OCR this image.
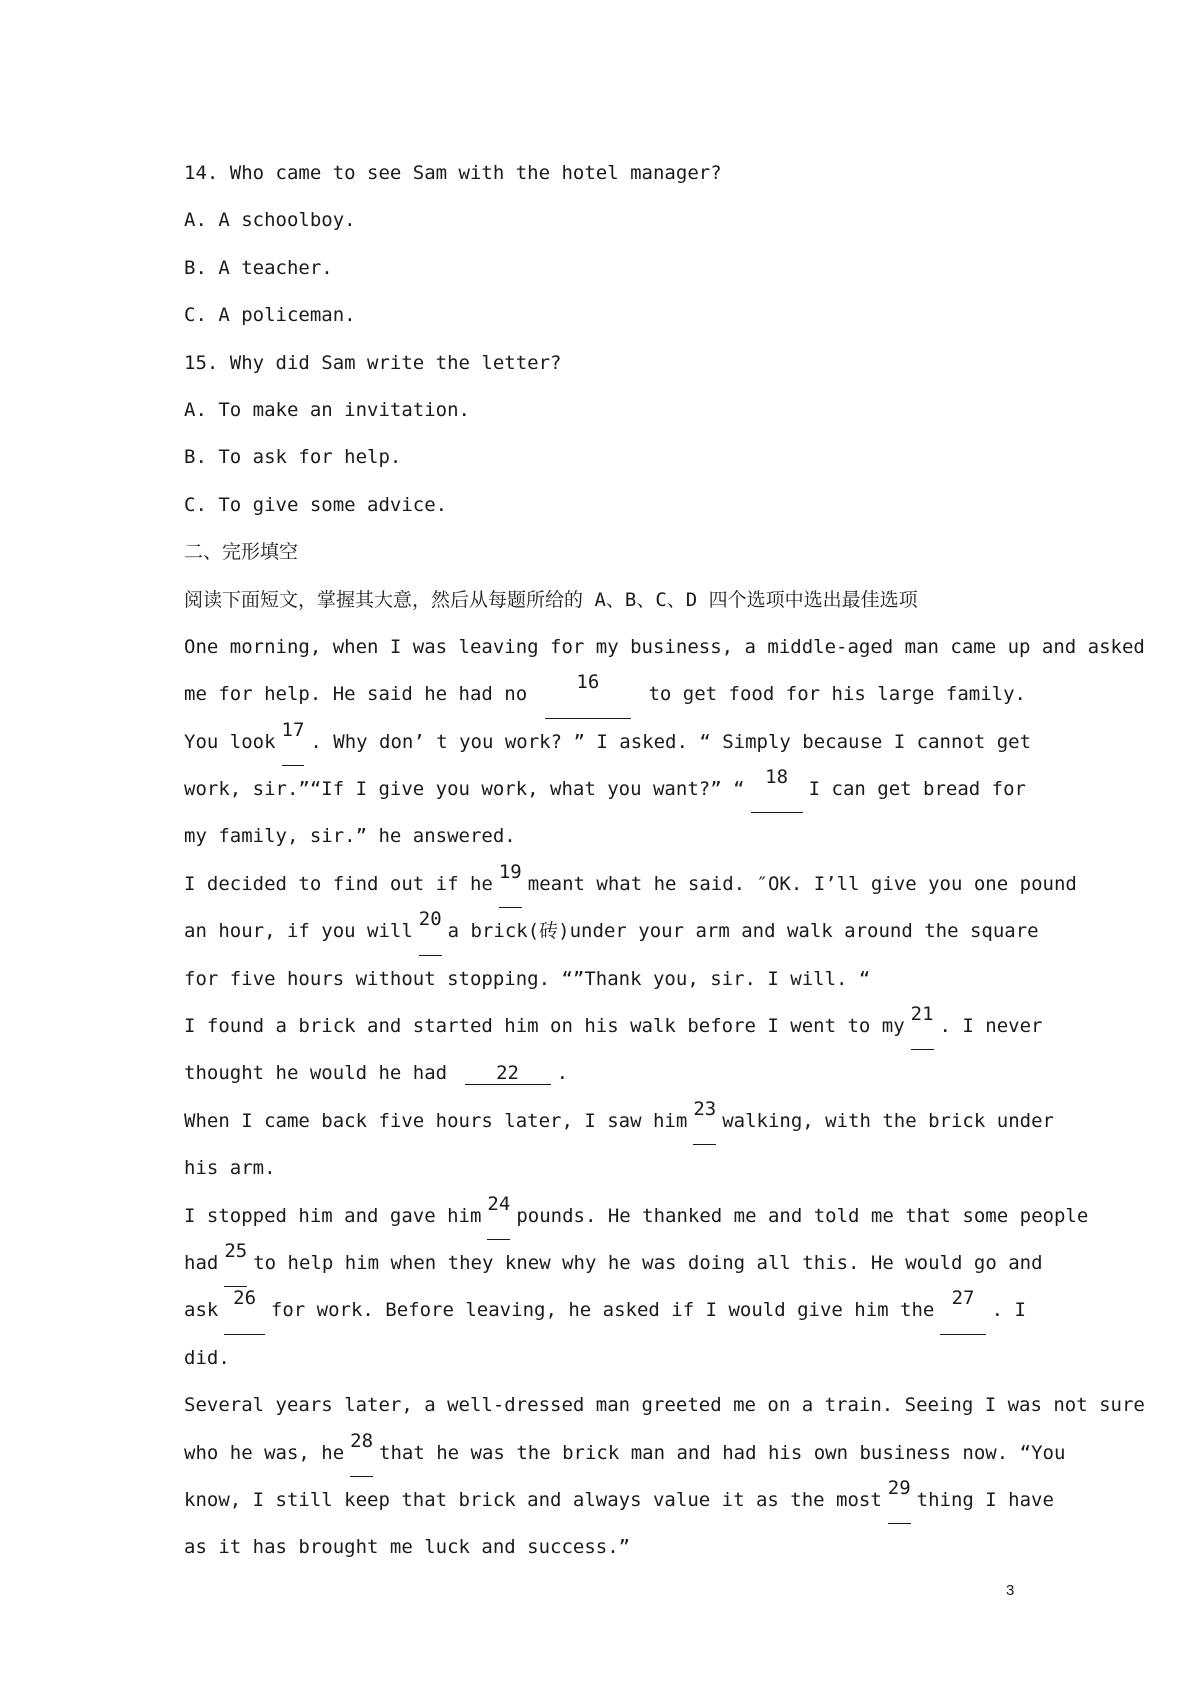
14. Who came to see Sam with the hotel manager?
A. A schoolboy.
B. A teacher.
C. A policeman.
15. Why did Sam write the letter?
A. To make an invitation.
B. To ask for help.
C. To give some advice.
二、完形填空
阅读下面短文，掌握其大意，然后从每题所给的 A、B、C、D 四个选项中选出最佳选项
One morning, when I was leaving for my business, a middle-aged man came up and asked
me for help. He said he had no
16
to get food for his large family.
You look
17
. Why don’ t you work? ” I asked. “ Simply because I cannot get
work, sir.”“If I give you work, what you want?” “
18
I can get bread for
my family, sir.” he answered.
I decided to find out if he
19
meant what he said. ″OK. I’ll give you one pound
an hour, if you will
20
a brick(砖)under your arm and walk around the square
for five hours without stopping. “”Thank you, sir. I will. “
I found a brick and started him on his walk before I went to my
21
. I never
thought he would he had	22 .
When I came back five hours later, I saw him
23
walking, with the brick under
his arm.
I stopped him and gave him
24
pounds. He thanked me and told me that some people
had
25
to help him when they knew why he was doing all this. He would go and
ask
26
for work. Before leaving, he asked if I would give him the
27
. I
did.
Several years later, a well-dressed man greeted me on a train. Seeing I was not sure
who he was, he
28
that he was the brick man and had his own business now. “You
know, I still keep that brick and always value it as the most
29
thing I have
as it has brought me luck and success.”
3
